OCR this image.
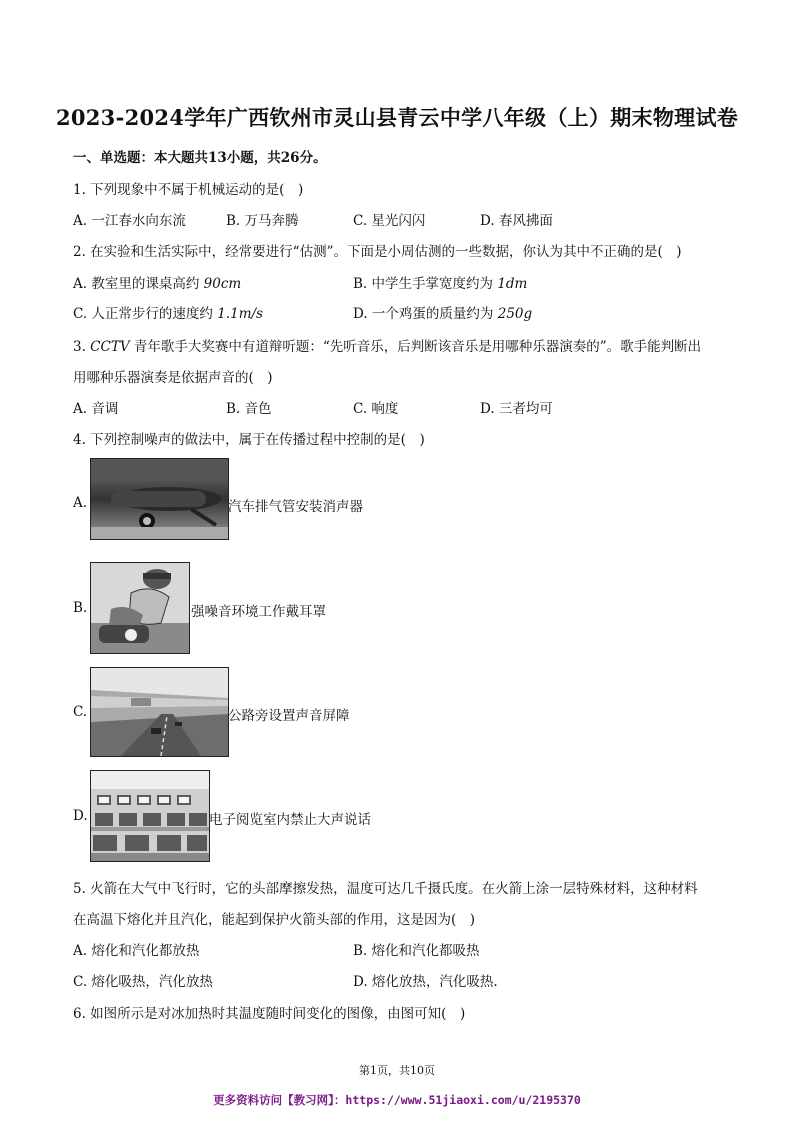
2023-2024学年广西钦州市灵山县青云中学八年级（上）期末物理试卷
一、单选题：本大题共13小题，共26分。
1. 下列现象中不属于机械运动的是(　)
A. 一江春水向东流	B. 万马奔腾	C. 星光闪闪	D. 春风拂面
2. 在实验和生活实际中，经常要进行“估测”。下面是小周估测的一些数据，你认为其中不正确的是(　)
A. 教室里的课桌高约 90cm	B. 中学生手掌宽度约为 1dm
C. 人正常步行的速度约 1.1m/s	D. 一个鸡蛋的质量约为 250g
3. CCTV 青年歌手大奖赛中有道辩听题：“先听音乐，后判断该音乐是用哪种乐器演奏的”。歌手能判断出
用哪种乐器演奏是依据声音的(　)
A. 音调	B. 音色	C. 响度	D. 三者均可
4. 下列控制噪声的做法中，属于在传播过程中控制的是(　)
A.	汽车排气管安装消声器
B.	强噪音环境工作戴耳罩
C.	公路旁设置声音屏障
D.	电子阅览室内禁止大声说话
5. 火箭在大气中飞行时，它的头部摩擦发热，温度可达几千摄氏度。在火箭上涂一层特殊材料，这种材料
在高温下熔化并且汽化，能起到保护火箭头部的作用，这是因为(　)
A. 熔化和汽化都放热	B. 熔化和汽化都吸热
C. 熔化吸热，汽化放热	D. 熔化放热，汽化吸热.
6. 如图所示是对冰加热时其温度随时间变化的图像，由图可知(　)
第1页，共10页
更多资料访问【教习网】：https://www.51jiaoxi.com/u/2195370
